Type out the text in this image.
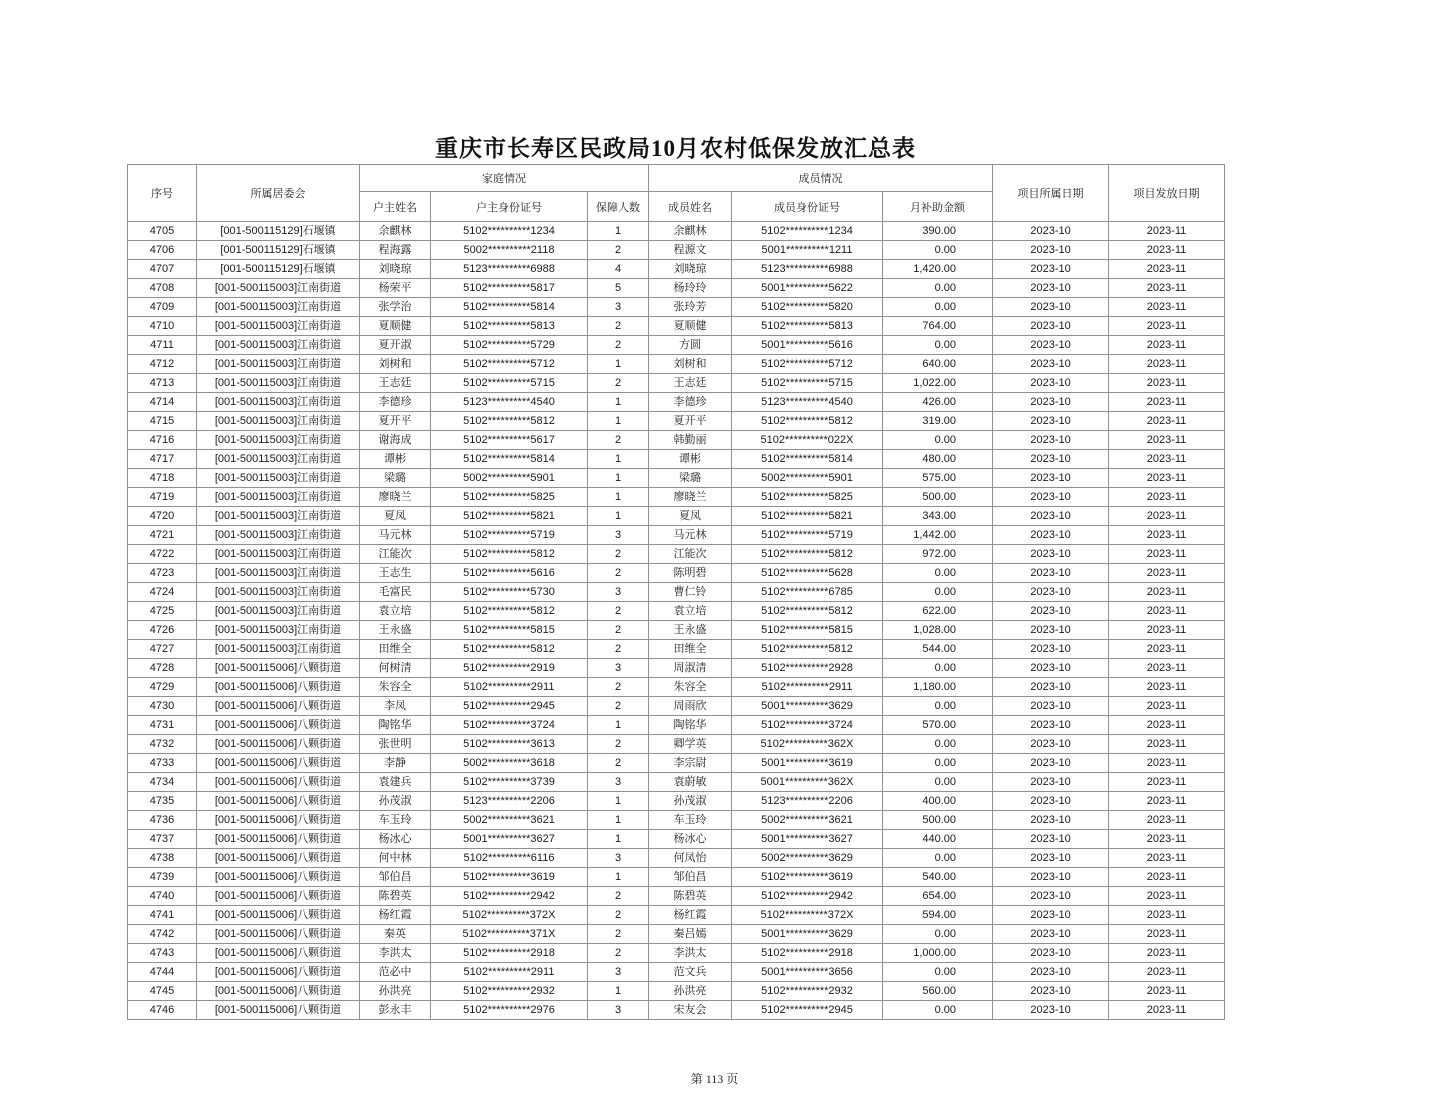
重庆市长寿区民政局10月农村低保发放汇总表
序号	所属居委会	家庭情况			成员情况			项目所属日期	项目发放日期
		户主姓名	户主身份证号	保障人数	成员姓名	成员身份证号	月补助金额		
4705	[001-500115129]石堰镇	余麒林	5102**********1234	1	余麒林	5102**********1234	390.00	2023-10	2023-11
4706	[001-500115129]石堰镇	程海露	5002**********2118	2	程源文	5001**********1211	0.00	2023-10	2023-11
4707	[001-500115129]石堰镇	刘晓琼	5123**********6988	4	刘晓琼	5123**********6988	1,420.00	2023-10	2023-11
4708	[001-500115003]江南街道	杨荣平	5102**********5817	5	杨玲玲	5001**********5622	0.00	2023-10	2023-11
4709	[001-500115003]江南街道	张学治	5102**********5814	3	张玲芳	5102**********5820	0.00	2023-10	2023-11
4710	[001-500115003]江南街道	夏顺健	5102**********5813	2	夏顺健	5102**********5813	764.00	2023-10	2023-11
4711	[001-500115003]江南街道	夏开淑	5102**********5729	2	方圆	5001**********5616	0.00	2023-10	2023-11
4712	[001-500115003]江南街道	刘树和	5102**********5712	1	刘树和	5102**********5712	640.00	2023-10	2023-11
4713	[001-500115003]江南街道	王志廷	5102**********5715	2	王志廷	5102**********5715	1,022.00	2023-10	2023-11
4714	[001-500115003]江南街道	李德珍	5123**********4540	1	李德珍	5123**********4540	426.00	2023-10	2023-11
4715	[001-500115003]江南街道	夏开平	5102**********5812	1	夏开平	5102**********5812	319.00	2023-10	2023-11
4716	[001-500115003]江南街道	谢海成	5102**********5617	2	韩勤丽	5102**********022X	0.00	2023-10	2023-11
4717	[001-500115003]江南街道	谭彬	5102**********5814	1	谭彬	5102**********5814	480.00	2023-10	2023-11
4718	[001-500115003]江南街道	梁璐	5002**********5901	1	梁璐	5002**********5901	575.00	2023-10	2023-11
4719	[001-500115003]江南街道	廖晓兰	5102**********5825	1	廖晓兰	5102**********5825	500.00	2023-10	2023-11
4720	[001-500115003]江南街道	夏凤	5102**********5821	1	夏凤	5102**********5821	343.00	2023-10	2023-11
4721	[001-500115003]江南街道	马元林	5102**********5719	3	马元林	5102**********5719	1,442.00	2023-10	2023-11
4722	[001-500115003]江南街道	江能次	5102**********5812	2	江能次	5102**********5812	972.00	2023-10	2023-11
4723	[001-500115003]江南街道	王志生	5102**********5616	2	陈明碧	5102**********5628	0.00	2023-10	2023-11
4724	[001-500115003]江南街道	毛富民	5102**********5730	3	曹仁铃	5102**********6785	0.00	2023-10	2023-11
4725	[001-500115003]江南街道	袁立培	5102**********5812	2	袁立培	5102**********5812	622.00	2023-10	2023-11
4726	[001-500115003]江南街道	王永盛	5102**********5815	2	王永盛	5102**********5815	1,028.00	2023-10	2023-11
4727	[001-500115003]江南街道	田维全	5102**********5812	2	田维全	5102**********5812	544.00	2023-10	2023-11
4728	[001-500115006]八颗街道	何树清	5102**********2919	3	周淑清	5102**********2928	0.00	2023-10	2023-11
4729	[001-500115006]八颗街道	朱容全	5102**********2911	2	朱容全	5102**********2911	1,180.00	2023-10	2023-11
4730	[001-500115006]八颗街道	李凤	5102**********2945	2	周雨欣	5001**********3629	0.00	2023-10	2023-11
4731	[001-500115006]八颗街道	陶铭华	5102**********3724	1	陶铭华	5102**********3724	570.00	2023-10	2023-11
4732	[001-500115006]八颗街道	张世明	5102**********3613	2	卿学英	5102**********362X	0.00	2023-10	2023-11
4733	[001-500115006]八颗街道	李静	5002**********3618	2	李宗尉	5001**********3619	0.00	2023-10	2023-11
4734	[001-500115006]八颗街道	袁建兵	5102**********3739	3	袁蔚敏	5001**********362X	0.00	2023-10	2023-11
4735	[001-500115006]八颗街道	孙茂淑	5123**********2206	1	孙茂淑	5123**********2206	400.00	2023-10	2023-11
4736	[001-500115006]八颗街道	车玉玲	5002**********3621	1	车玉玲	5002**********3621	500.00	2023-10	2023-11
4737	[001-500115006]八颗街道	杨冰心	5001**********3627	1	杨冰心	5001**********3627	440.00	2023-10	2023-11
4738	[001-500115006]八颗街道	何中林	5102**********6116	3	何凤怡	5002**********3629	0.00	2023-10	2023-11
4739	[001-500115006]八颗街道	邹伯昌	5102**********3619	1	邹伯昌	5102**********3619	540.00	2023-10	2023-11
4740	[001-500115006]八颗街道	陈碧英	5102**********2942	2	陈碧英	5102**********2942	654.00	2023-10	2023-11
4741	[001-500115006]八颗街道	杨红霞	5102**********372X	2	杨红霞	5102**********372X	594.00	2023-10	2023-11
4742	[001-500115006]八颗街道	秦英	5102**********371X	2	秦吕嫣	5001**********3629	0.00	2023-10	2023-11
4743	[001-500115006]八颗街道	李洪太	5102**********2918	2	李洪太	5102**********2918	1,000.00	2023-10	2023-11
4744	[001-500115006]八颗街道	范必中	5102**********2911	3	范文兵	5001**********3656	0.00	2023-10	2023-11
4745	[001-500115006]八颗街道	孙洪亮	5102**********2932	1	孙洪亮	5102**********2932	560.00	2023-10	2023-11
4746	[001-500115006]八颗街道	彭永丰	5102**********2976	3	宋友会	5102**********2945	0.00	2023-10	2023-11
第 113 页
